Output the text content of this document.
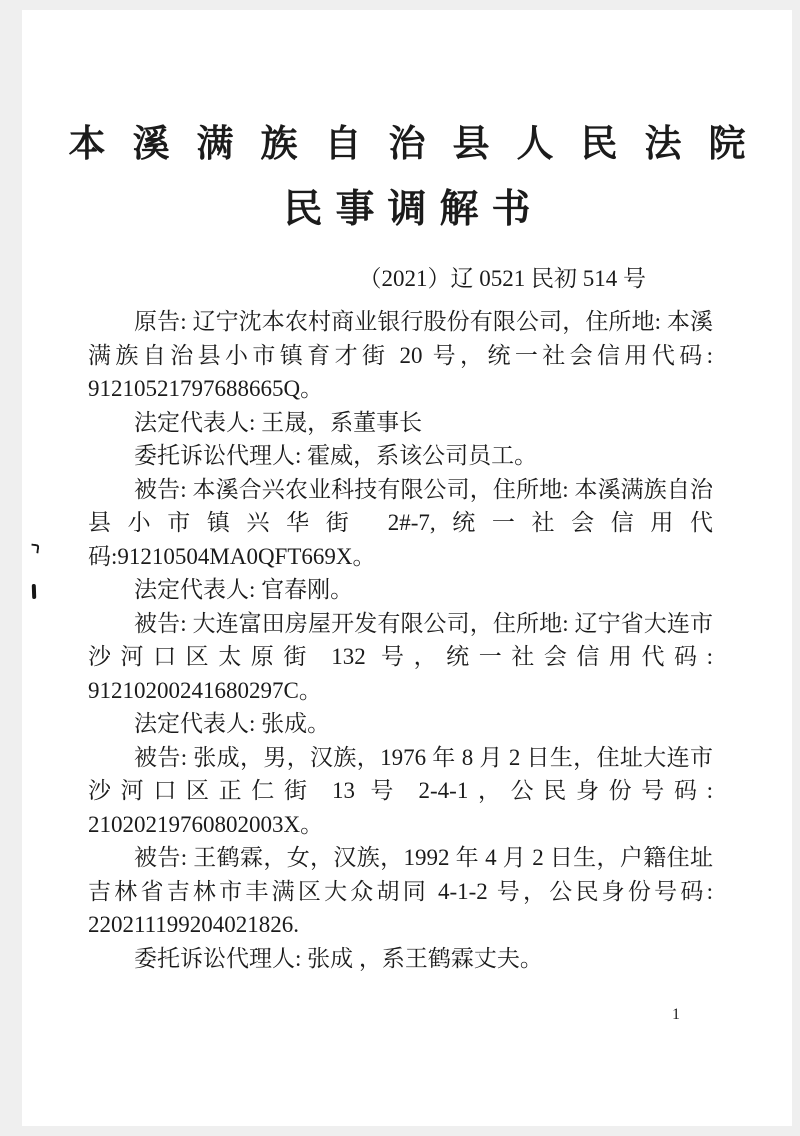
本溪满族自治县人民法院
民事调解书
（2021）辽 0521 民初 514 号

原告: 辽宁沈本农村商业银行股份有限公司，住所地: 本溪满族自治县小市镇育才街 20 号，统一社会信用代码: 91210521797688665Q。

法定代表人: 王晟，系董事长

委托诉讼代理人: 霍威，系该公司员工。

被告: 本溪合兴农业科技有限公司，住所地: 本溪满族自治县小市镇兴华街 2#-7,统一社会信用代码:91210504MA0QFT669X。

法定代表人: 官春刚。

被告: 大连富田房屋开发有限公司，住所地: 辽宁省大连市沙河口区太原街 132 号，统一社会信用代码: 91210200241680297C。

法定代表人: 张成。

被告: 张成，男，汉族，1976 年 8 月 2 日生，住址大连市沙河口区正仁街 13 号 2-4-1，公民身份号码: 21020219760802003X。

被告: 王鹤霖，女，汉族，1992 年 4 月 2 日生，户籍住址吉林省吉林市丰满区大众胡同 4-1-2 号，公民身份号码: 220211199204021826.

委托诉讼代理人: 张成 ，系王鹤霖丈夫。

1
